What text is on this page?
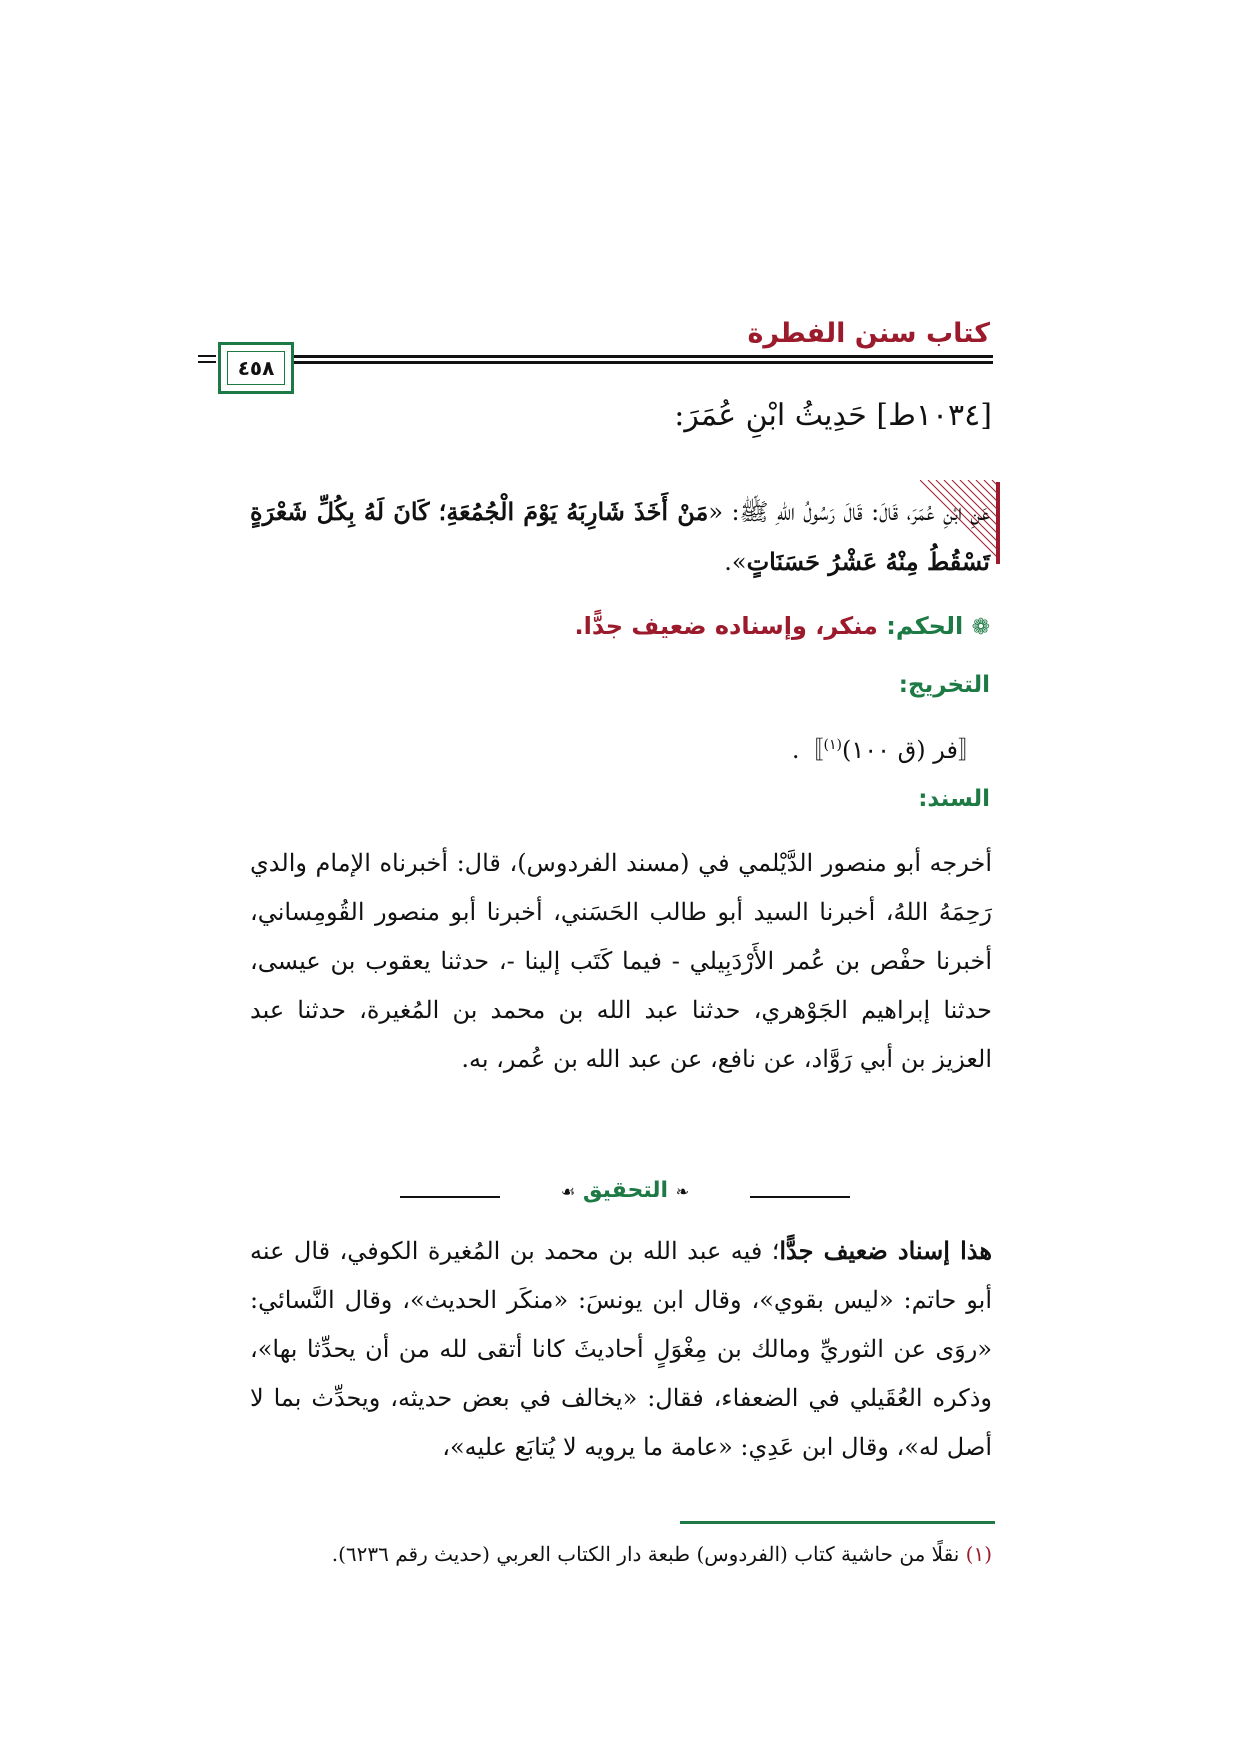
كتاب سنن الفطرة
٤٥٨
[١٠٣٤ط] حَدِيثُ ابْنِ عُمَرَ:
عَنِ ابْنِ عُمَرَ، قَالَ: قَالَ رَسُولُ اللهِ ﷺ: «مَنْ أَخَذَ شَارِبَهُ يَوْمَ الْجُمُعَةِ؛ كَانَ لَهُ بِكُلِّ شَعْرَةٍ تَسْقُطُ مِنْهُ عَشْرُ حَسَنَاتٍ».
❁ الحكم: منكر، وإسناده ضعيف جدًّا.
التخريج:
〚فر (ق ١٠٠)$^{(١)}$〛.
السند:
أخرجه أبو منصور الدَّيْلمي في (مسند الفردوس)، قال: أخبرناه الإمام والدي رَحِمَهُ اللهُ، أخبرنا السيد أبو طالب الحَسَني، أخبرنا أبو منصور القُومِساني، أخبرنا حفْص بن عُمر الأَرْدَبِيلي - فيما كَتَب إلينا -، حدثنا يعقوب بن عيسى، حدثنا إبراهيم الجَوْهري، حدثنا عبد الله بن محمد بن المُغيرة، حدثنا عبد العزيز بن أبي رَوَّاد، عن نافع، عن عبد الله بن عُمر، به.
❧ التحقيق ☙
هذا إسناد ضعيف جدًّا؛ فيه عبد الله بن محمد بن المُغيرة الكوفي، قال عنه أبو حاتم: «ليس بقوي»، وقال ابن يونسَ: «منكَر الحديث»، وقال النَّسائي: «روَى عن الثوريِّ ومالك بن مِغْوَلٍ أحاديثَ كانا أتقى لله من أن يحدِّثا بها»، وذكره العُقَيلي في الضعفاء، فقال: «يخالف في بعض حديثه، ويحدِّث بما لا أصل له»، وقال ابن عَدِي: «عامة ما يرويه لا يُتابَع عليه»،
(١) نقلًا من حاشية كتاب (الفردوس) طبعة دار الكتاب العربي (حديث رقم ٦٢٣٦).
